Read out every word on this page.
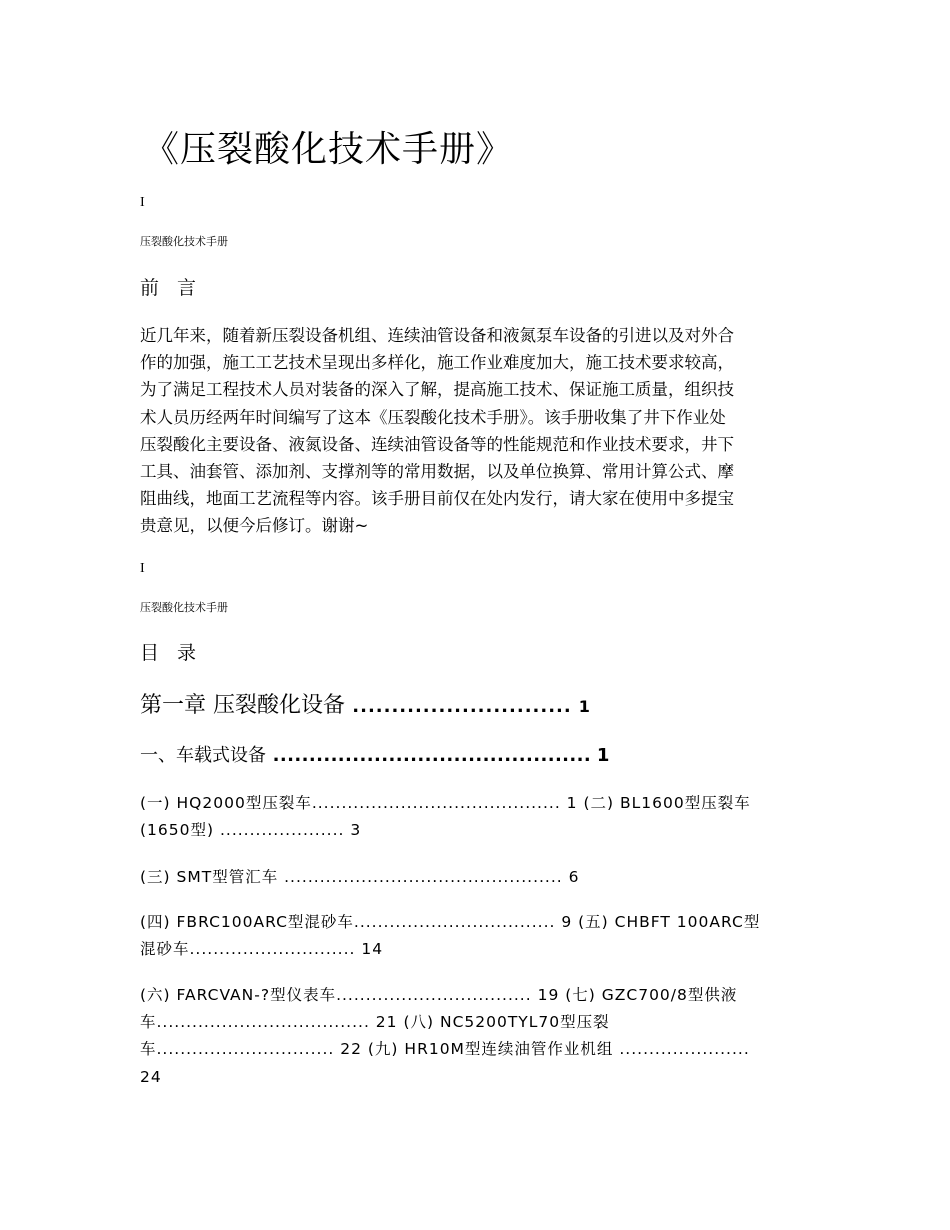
《压裂酸化技术手册》
I
压裂酸化技术手册
前 言
近几年来，随着新压裂设备机组、连续油管设备和液氮泵车设备的引进以及对外合
作的加强，施工工艺技术呈现出多样化，施工作业难度加大，施工技术要求较高，
为了满足工程技术人员对装备的深入了解，提高施工技术、保证施工质量，组织技
术人员历经两年时间编写了这本《压裂酸化技术手册》。该手册收集了井下作业处
压裂酸化主要设备、液氮设备、连续油管设备等的性能规范和作业技术要求，井下
工具、油套管、添加剂、支撑剂等的常用数据，以及单位换算、常用计算公式、摩
阻曲线，地面工艺流程等内容。该手册目前仅在处内发行，请大家在使用中多提宝
贵意见，以便今后修订。谢谢~
I
压裂酸化技术手册
目 录
第一章 压裂酸化设备 ............................ 1
一、车载式设备 ............................................ 1
(一) HQ2000型压裂车.......................................... 1 (二) BL1600型压裂车
(1650型) ..................... 3
(三) SMT型管汇车 ............................................... 6
(四) FBRC100ARC型混砂车.................................. 9 (五) CHBFT 100ARC型
混砂车............................ 14
(六) FARCVAN-?型仪表车................................. 19 (七) GZC700/8型供液
车.................................... 21 (八) NC5200TYL70型压裂
车.............................. 22 (九) HR10M型连续油管作业机组 ......................
24
